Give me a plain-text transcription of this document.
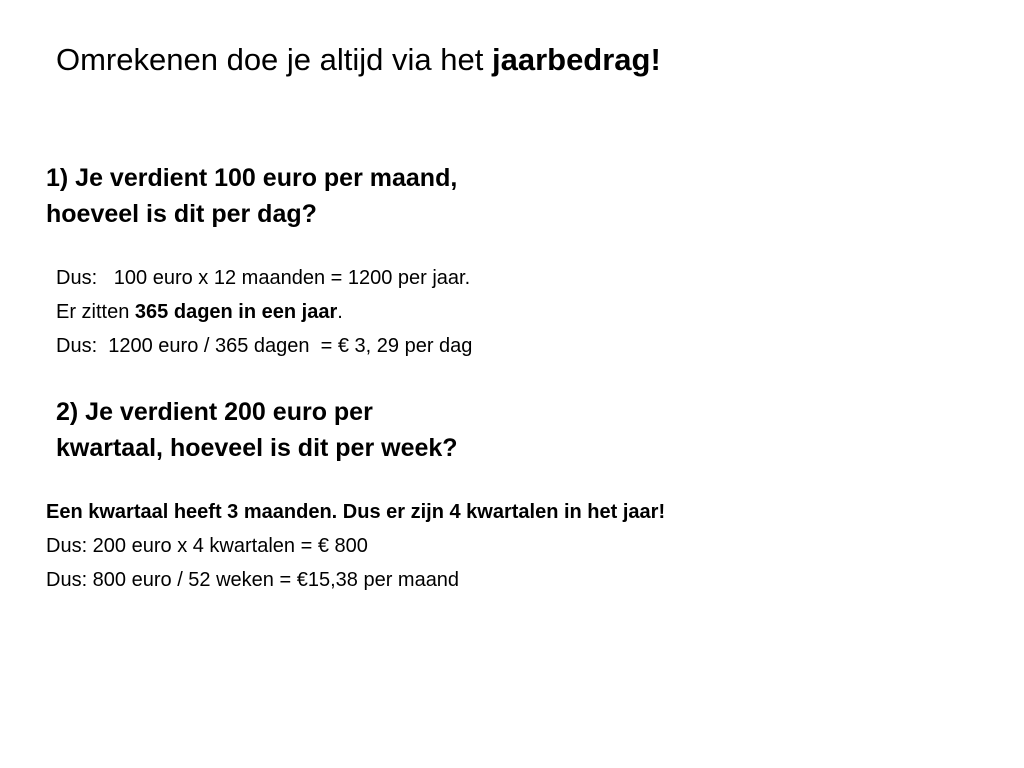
Omrekenen doe je altijd via het jaarbedrag!
1) Je verdient 100 euro per maand,
hoeveel is dit per dag?
Dus:   100 euro x 12 maanden = 1200 per jaar.
Er zitten 365 dagen in een jaar.
Dus:  1200 euro / 365 dagen  = € 3, 29 per dag
2) Je verdient 200 euro per
kwartaal, hoeveel is dit per week?
Een kwartaal heeft 3 maanden. Dus er zijn 4 kwartalen in het jaar!
Dus: 200 euro x 4 kwartalen = € 800
Dus: 800 euro / 52 weken = €15,38 per maand
